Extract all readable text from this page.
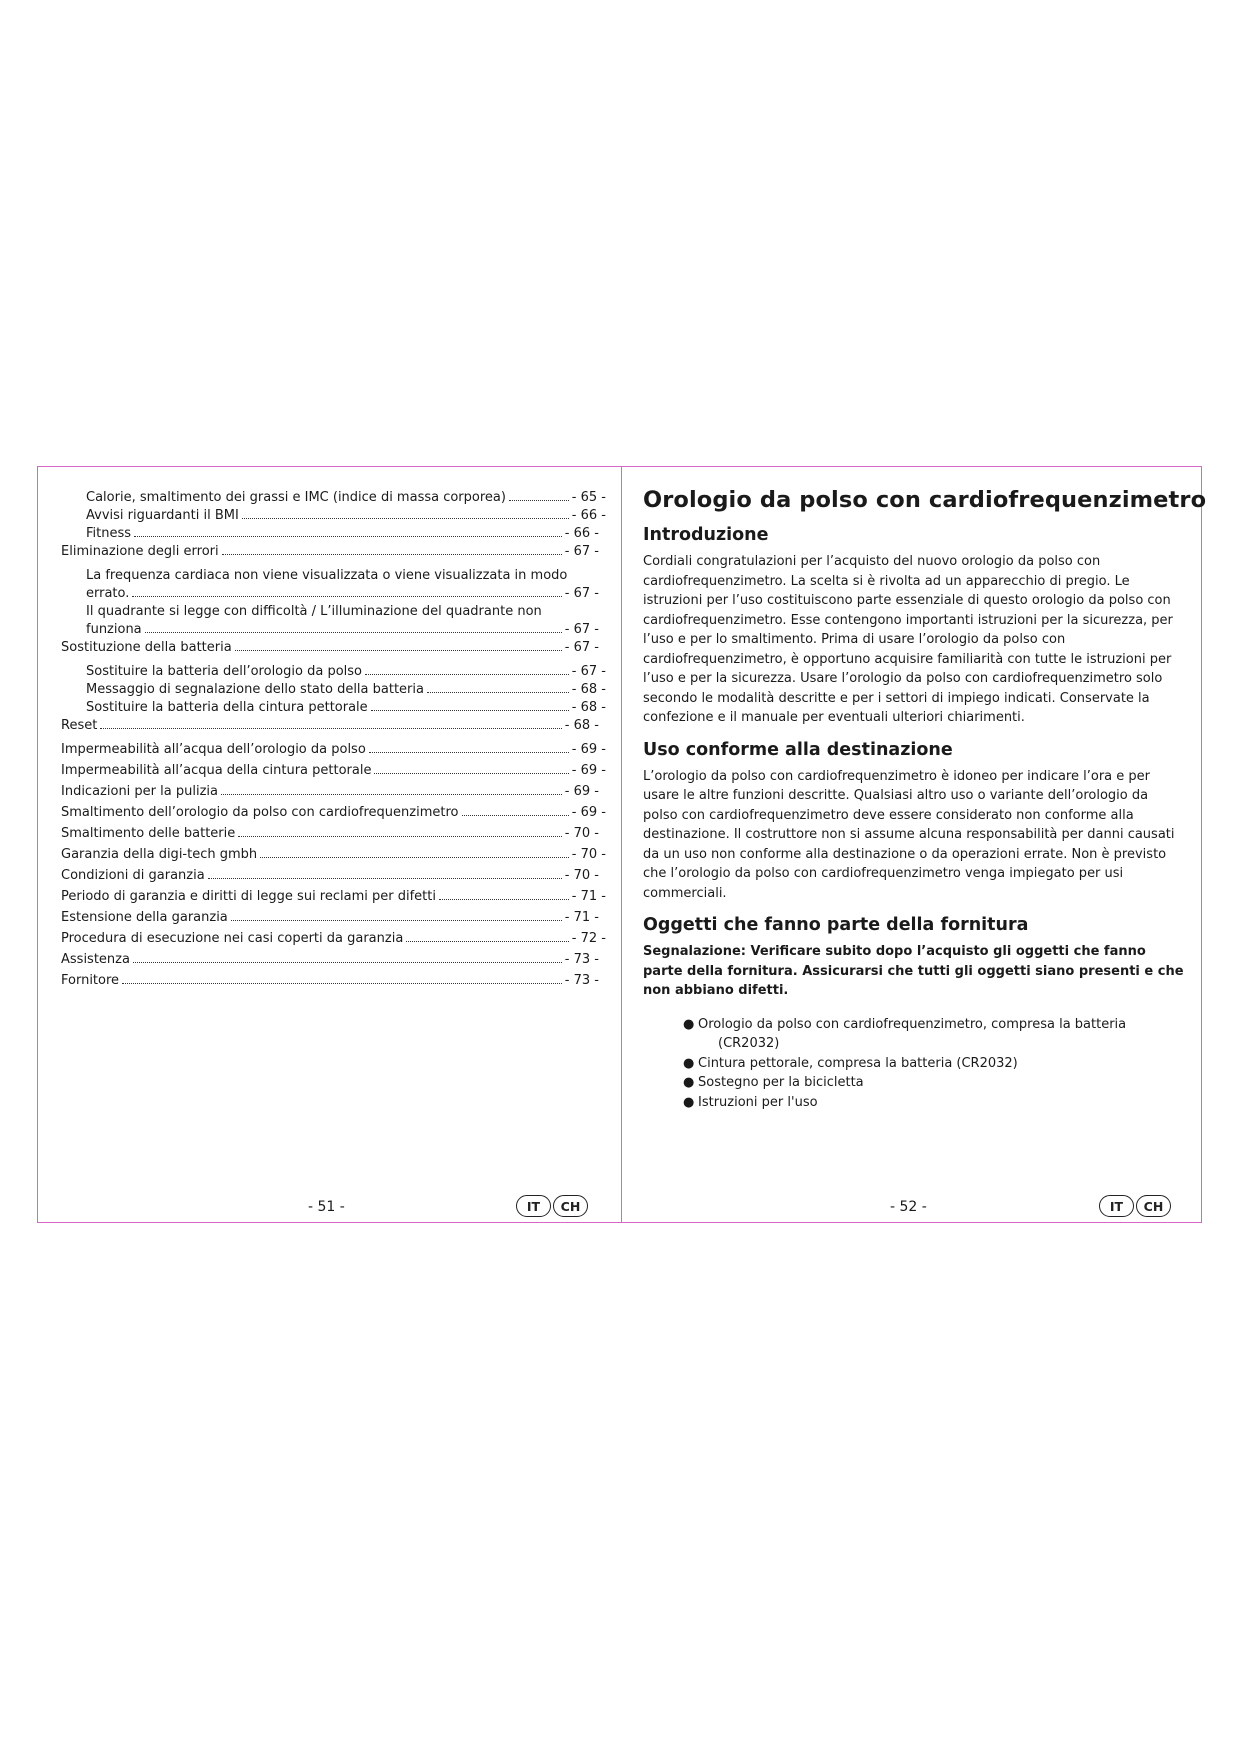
Calorie, smaltimento dei grassi e IMC (indice di massa corporea)	- 65 -
Avvisi riguardanti il BMI	- 66 -
Fitness	- 66 -
Eliminazione degli errori	- 67 -
La frequenza cardiaca non viene visualizzata o viene visualizzata in modo
errato.	- 67 -
Il quadrante si legge con difficoltà / L’illuminazione del quadrante non
funziona	- 67 -
Sostituzione della batteria	- 67 -
Sostituire la batteria dell’orologio da polso	- 67 -
Messaggio di segnalazione dello stato della batteria	- 68 -
Sostituire la batteria della cintura pettorale	- 68 -
Reset	- 68 -
Impermeabilità all’acqua dell’orologio da polso	- 69 -
Impermeabilità all’acqua della cintura pettorale	- 69 -
Indicazioni per la pulizia	- 69 -
Smaltimento dell’orologio da polso con cardiofrequenzimetro	- 69 -
Smaltimento delle batterie	- 70 -
Garanzia della digi-tech gmbh	- 70 -
Condizioni di garanzia	- 70 -
Periodo di garanzia e diritti di legge sui reclami per difetti	- 71 -
Estensione della garanzia	- 71 -
Procedura di esecuzione nei casi coperti da garanzia	- 72 -
Assistenza	- 73 -
Fornitore	- 73 -
Orologio da polso con cardiofrequenzimetro
Introduzione

Cordiali congratulazioni per l’acquisto del nuovo orologio da polso con cardiofrequenzimetro. La scelta si è rivolta ad un apparecchio di pregio. Le istruzioni per l’uso costituiscono parte essenziale di questo orologio da polso con cardiofrequenzimetro. Esse contengono importanti istruzioni per la sicurezza, per l’uso e per lo smaltimento. Prima di usare l’orologio da polso con cardiofrequenzimetro, è opportuno acquisire familiarità con tutte le istruzioni per l’uso e per la sicurezza. Usare l’orologio da polso con cardiofrequenzimetro solo secondo le modalità descritte e per i settori di impiego indicati. Conservate la confezione e il manuale per eventuali ulteriori chiarimenti.

Uso conforme alla destinazione

L’orologio da polso con cardiofrequenzimetro è idoneo per indicare l’ora e per usare le altre funzioni descritte. Qualsiasi altro uso o variante dell’orologio da polso con cardiofrequenzimetro deve essere considerato non conforme alla destinazione. Il costruttore non si assume alcuna responsabilità per danni causati da un uso non conforme alla destinazione o da operazioni errate. Non è previsto che l’orologio da polso con cardiofrequenzimetro venga impiegato per usi commerciali.

Oggetti che fanno parte della fornitura

Segnalazione: Verificare subito dopo l’acquisto gli oggetti che fanno parte della fornitura. Assicurarsi che tutti gli oggetti siano presenti e che non abbiano difetti.

● Orologio da polso con cardiofrequenzimetro, compresa la batteria
(CR2032)
● Cintura pettorale, compresa la batteria (CR2032)
● Sostegno per la bicicletta
● Istruzioni per l'uso
- 51 -	IT	CH	- 52 -	IT	CH
